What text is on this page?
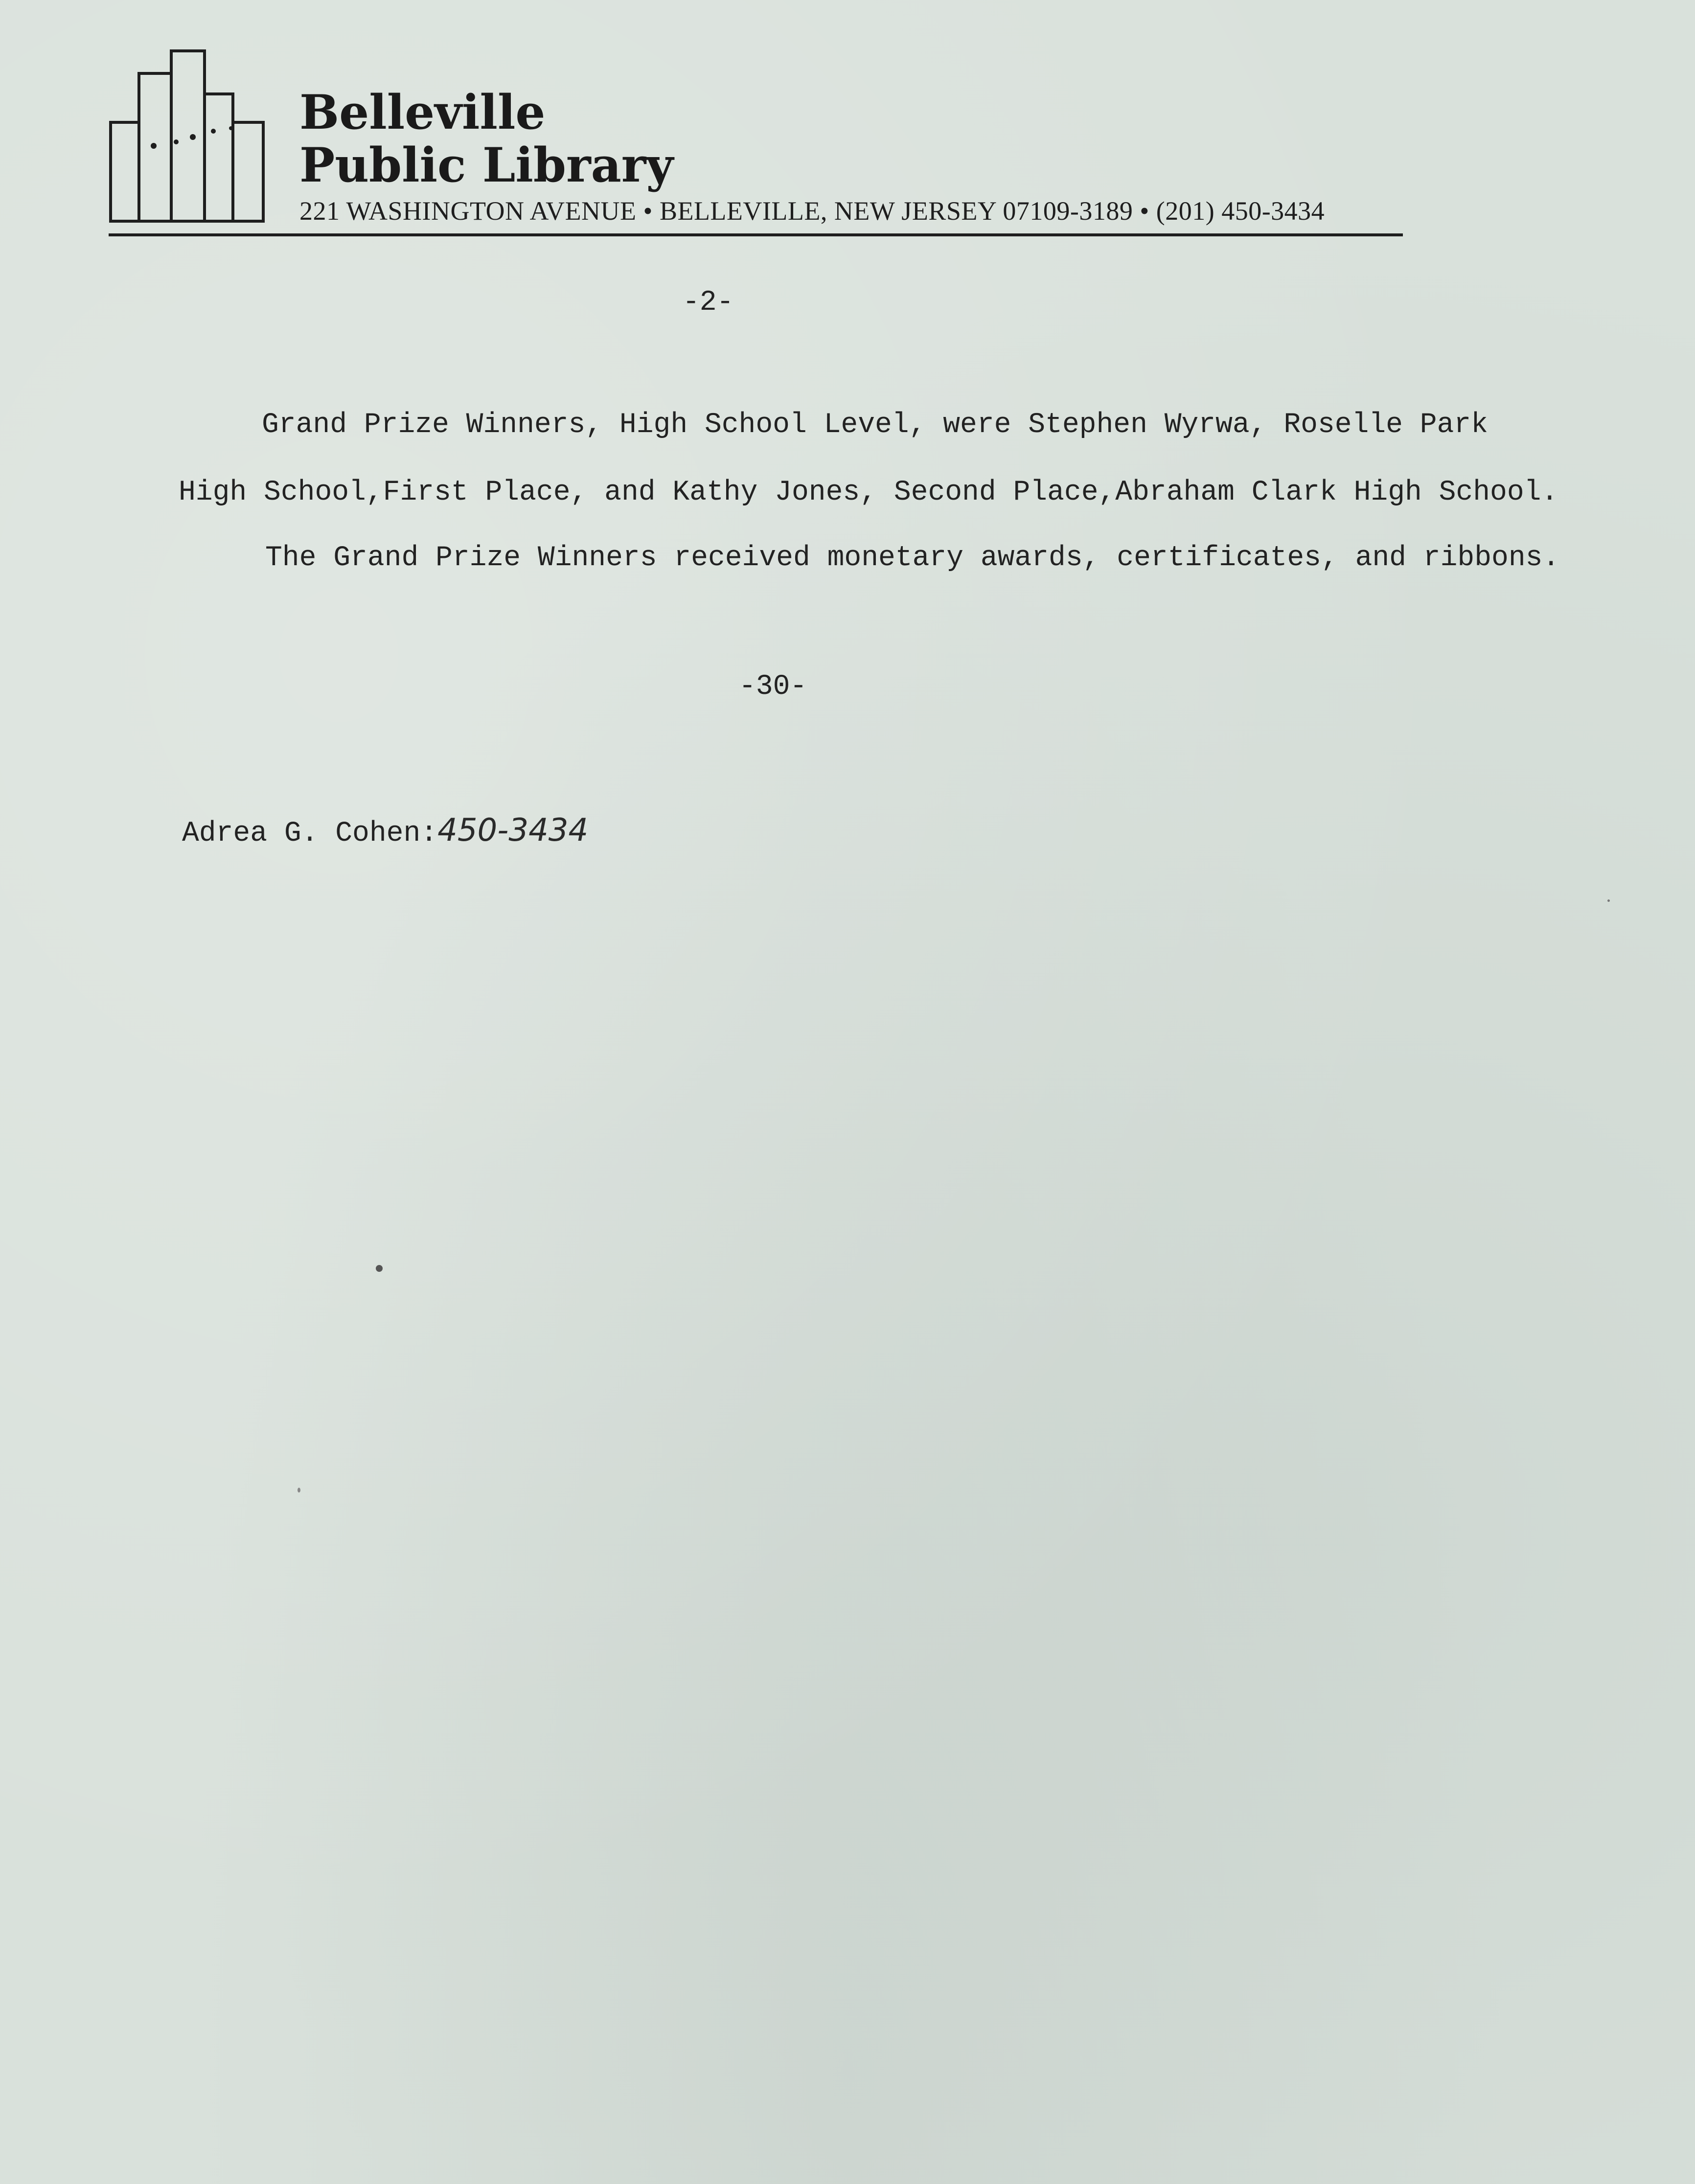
Belleville
Public Library
221 WASHINGTON AVENUE • BELLEVILLE, NEW JERSEY 07109-3189 • (201) 450-3434
-2-
Grand Prize Winners, High School Level, were Stephen Wyrwa, Roselle Park
High School,First Place, and Kathy Jones, Second Place,Abraham Clark High School.
The Grand Prize Winners received monetary awards, certificates, and ribbons.
-30-
Adrea G. Cohen:450-3434
